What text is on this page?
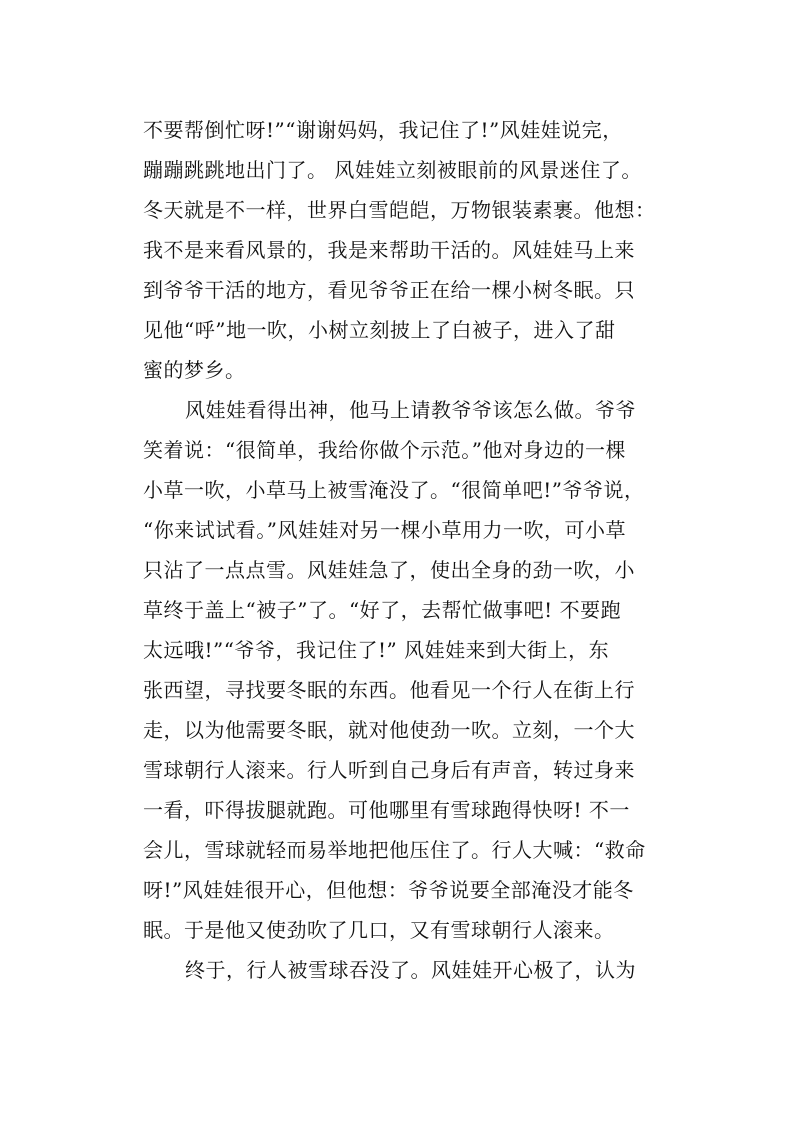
不要帮倒忙呀!”“谢谢妈妈，我记住了!”风娃娃说完，
蹦蹦跳跳地出门了。 风娃娃立刻被眼前的风景迷住了。
冬天就是不一样，世界白雪皑皑，万物银装素裹。他想：
我不是来看风景的，我是来帮助干活的。风娃娃马上来
到爷爷干活的地方，看见爷爷正在给一棵小树冬眠。只
见他“呼”地一吹，小树立刻披上了白被子，进入了甜
蜜的梦乡。
风娃娃看得出神，他马上请教爷爷该怎么做。爷爷
笑着说：“很简单，我给你做个示范。”他对身边的一棵
小草一吹，小草马上被雪淹没了。“很简单吧!”爷爷说，
“你来试试看。”风娃娃对另一棵小草用力一吹，可小草
只沾了一点点雪。风娃娃急了，使出全身的劲一吹，小
草终于盖上“被子”了。“好了，去帮忙做事吧! 不要跑
太远哦!”“爷爷，我记住了!” 风娃娃来到大街上，东
张西望，寻找要冬眠的东西。他看见一个行人在街上行
走，以为他需要冬眠，就对他使劲一吹。立刻，一个大
雪球朝行人滚来。行人听到自己身后有声音，转过身来
一看，吓得拔腿就跑。可他哪里有雪球跑得快呀! 不一
会儿，雪球就轻而易举地把他压住了。行人大喊：“救命
呀!”风娃娃很开心，但他想：爷爷说要全部淹没才能冬
眠。于是他又使劲吹了几口，又有雪球朝行人滚来。
终于，行人被雪球吞没了。风娃娃开心极了，认为
